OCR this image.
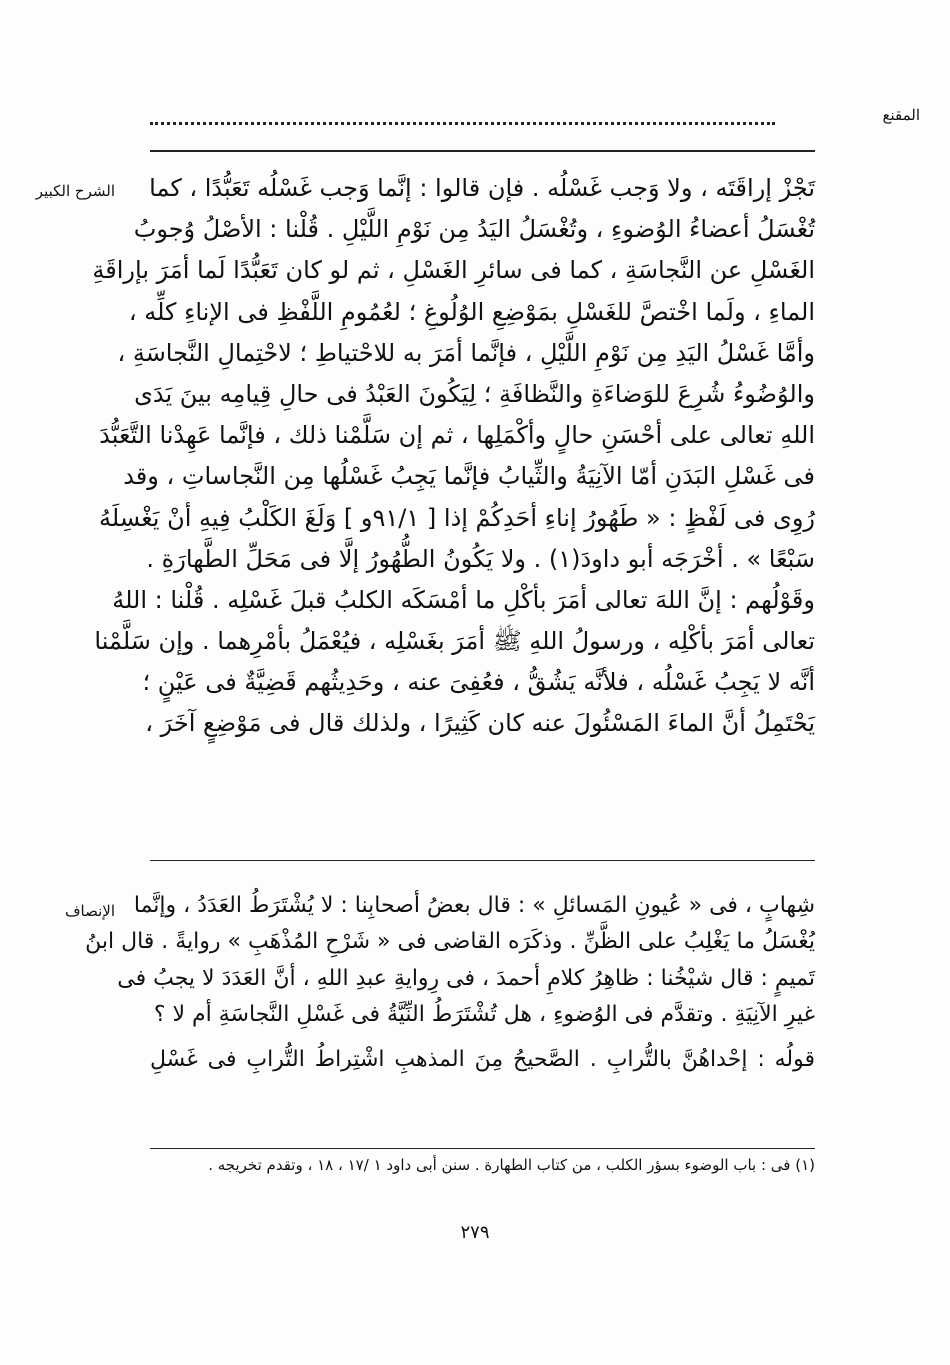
المقنع
الشرح الكبير تَجْزْ إراقَتَه ، ولا وَجب غَسْلُه . فإن قالوا : إنَّما وَجب غَسْلُه تَعَبُّدًا ، كما
تُغْسَلُ أعضاءُ الوُضوءِ ، وتُغْسَلُ اليَدُ مِن نَوْمِ اللَّيْلِ . قُلْنا : الأصْلُ وُجوبُ
الغَسْلِ عن النَّجاسَةِ ، كما فى سائرِ الغَسْلِ ، ثم لو كان تَعَبُّدًا لَما أمَرَ بإراقَةِ
الماءِ ، ولَما اخْتصَّ للغَسْلِ بمَوْضِعِ الوُلُوغِ ؛ لعُمُومِ اللَّفْظِ فى الإناءِ كلِّه ،
وأمَّا غَسْلُ اليَدِ مِن نَوْمِ اللَّيْلِ ، فإنَّما أمَرَ به للاحْتياطِ ؛ لاحْتِمالِ النَّجاسَةِ ،
والوُضُوءُ شُرِعَ للوَضاءَةِ والنَّظافَةِ ؛ لِيَكُونَ العَبْدُ فى حالِ قِيامِه بينَ يَدَى
اللهِ تعالى على أحْسَنِ حالٍ وأكْمَلِها ، ثم إن سَلَّمْنا ذلك ، فإنَّما عَهِدْنا التَّعَبُّدَ
فى غَسْلِ البَدَنِ أمّا الآنِيَةُ والثِّيابُ فإنَّما يَجِبُ غَسْلُها مِن النَّجاساتِ ، وقد
رُوِى فى لَفْظٍ : « طَهُورُ إناءِ أحَدِكُمْ إذا [ ٩١/١و ] وَلَغَ الكَلْبُ فِيهِ أنْ يَغْسِلَهُ
سَبْعًا » . أخْرَجَه أبو داودَ(١) . ولا يَكُونُ الطُّهُورُ إلَّا فى مَحَلِّ الطَّهارَةِ .
وقَوْلُهم : إنَّ اللهَ تعالى أمَرَ بأكْلِ ما أمْسَكَه الكلبُ قبلَ غَسْلِه . قُلْنا : اللهُ
تعالى أمَرَ بأكْلِه ، ورسولُ اللهِ ﷺ أمَرَ بغَسْلِه ، فيُعْمَلُ بأمْرِهما . وإن سَلَّمْنا
أنَّه لا يَجِبُ غَسْلُه ، فلأنَّه يَشُقُّ ، فعُفِىَ عنه ، وحَدِيثُهم قَضِيَّةٌ فى عَيْنٍ ؛
يَحْتَمِلُ أنَّ الماءَ المَسْئُولَ عنه كان كَثِيرًا ، ولذلك قال فى مَوْضِعٍ آخَرَ ،
الإنصاف شِهابٍ ، فى « عُيونِ المَسائلِ » : قال بعضُ أصحابِنا : لا يُشْتَرَطُ العَدَدُ ، وإنَّما
يُغْسَلُ ما يَغْلِبُ على الظَّنِّ . وذكَرَه القاضى فى « شَرْحِ المُذْهَبِ » روايةً . قال ابنُ
تَميمٍ : قال شيْخُنا : ظاهِرُ كلامِ أحمدَ ، فى رِوايةِ عبدِ اللهِ ، أنَّ العَدَدَ لا يجبُ فى
غيرِ الآنِيَةِ . وتقدَّم فى الوُضوءِ ، هل تُشْتَرَطُ النِّيَّةُ فى غَسْلِ النَّجاسَةِ أم لا ؟
قولُه : إحْداهُنَّ بالتُّرابِ . الصَّحيحُ مِنَ المذهبِ اشْتِراطُ التُّرابِ فى غَسْلِ
(١) فى : باب الوضوء بسؤر الكلب ، من كتاب الطهارة . سنن أبى داود ١ /١٧ ، ١٨ ، وتقدم تخريجه .
٢٧٩
